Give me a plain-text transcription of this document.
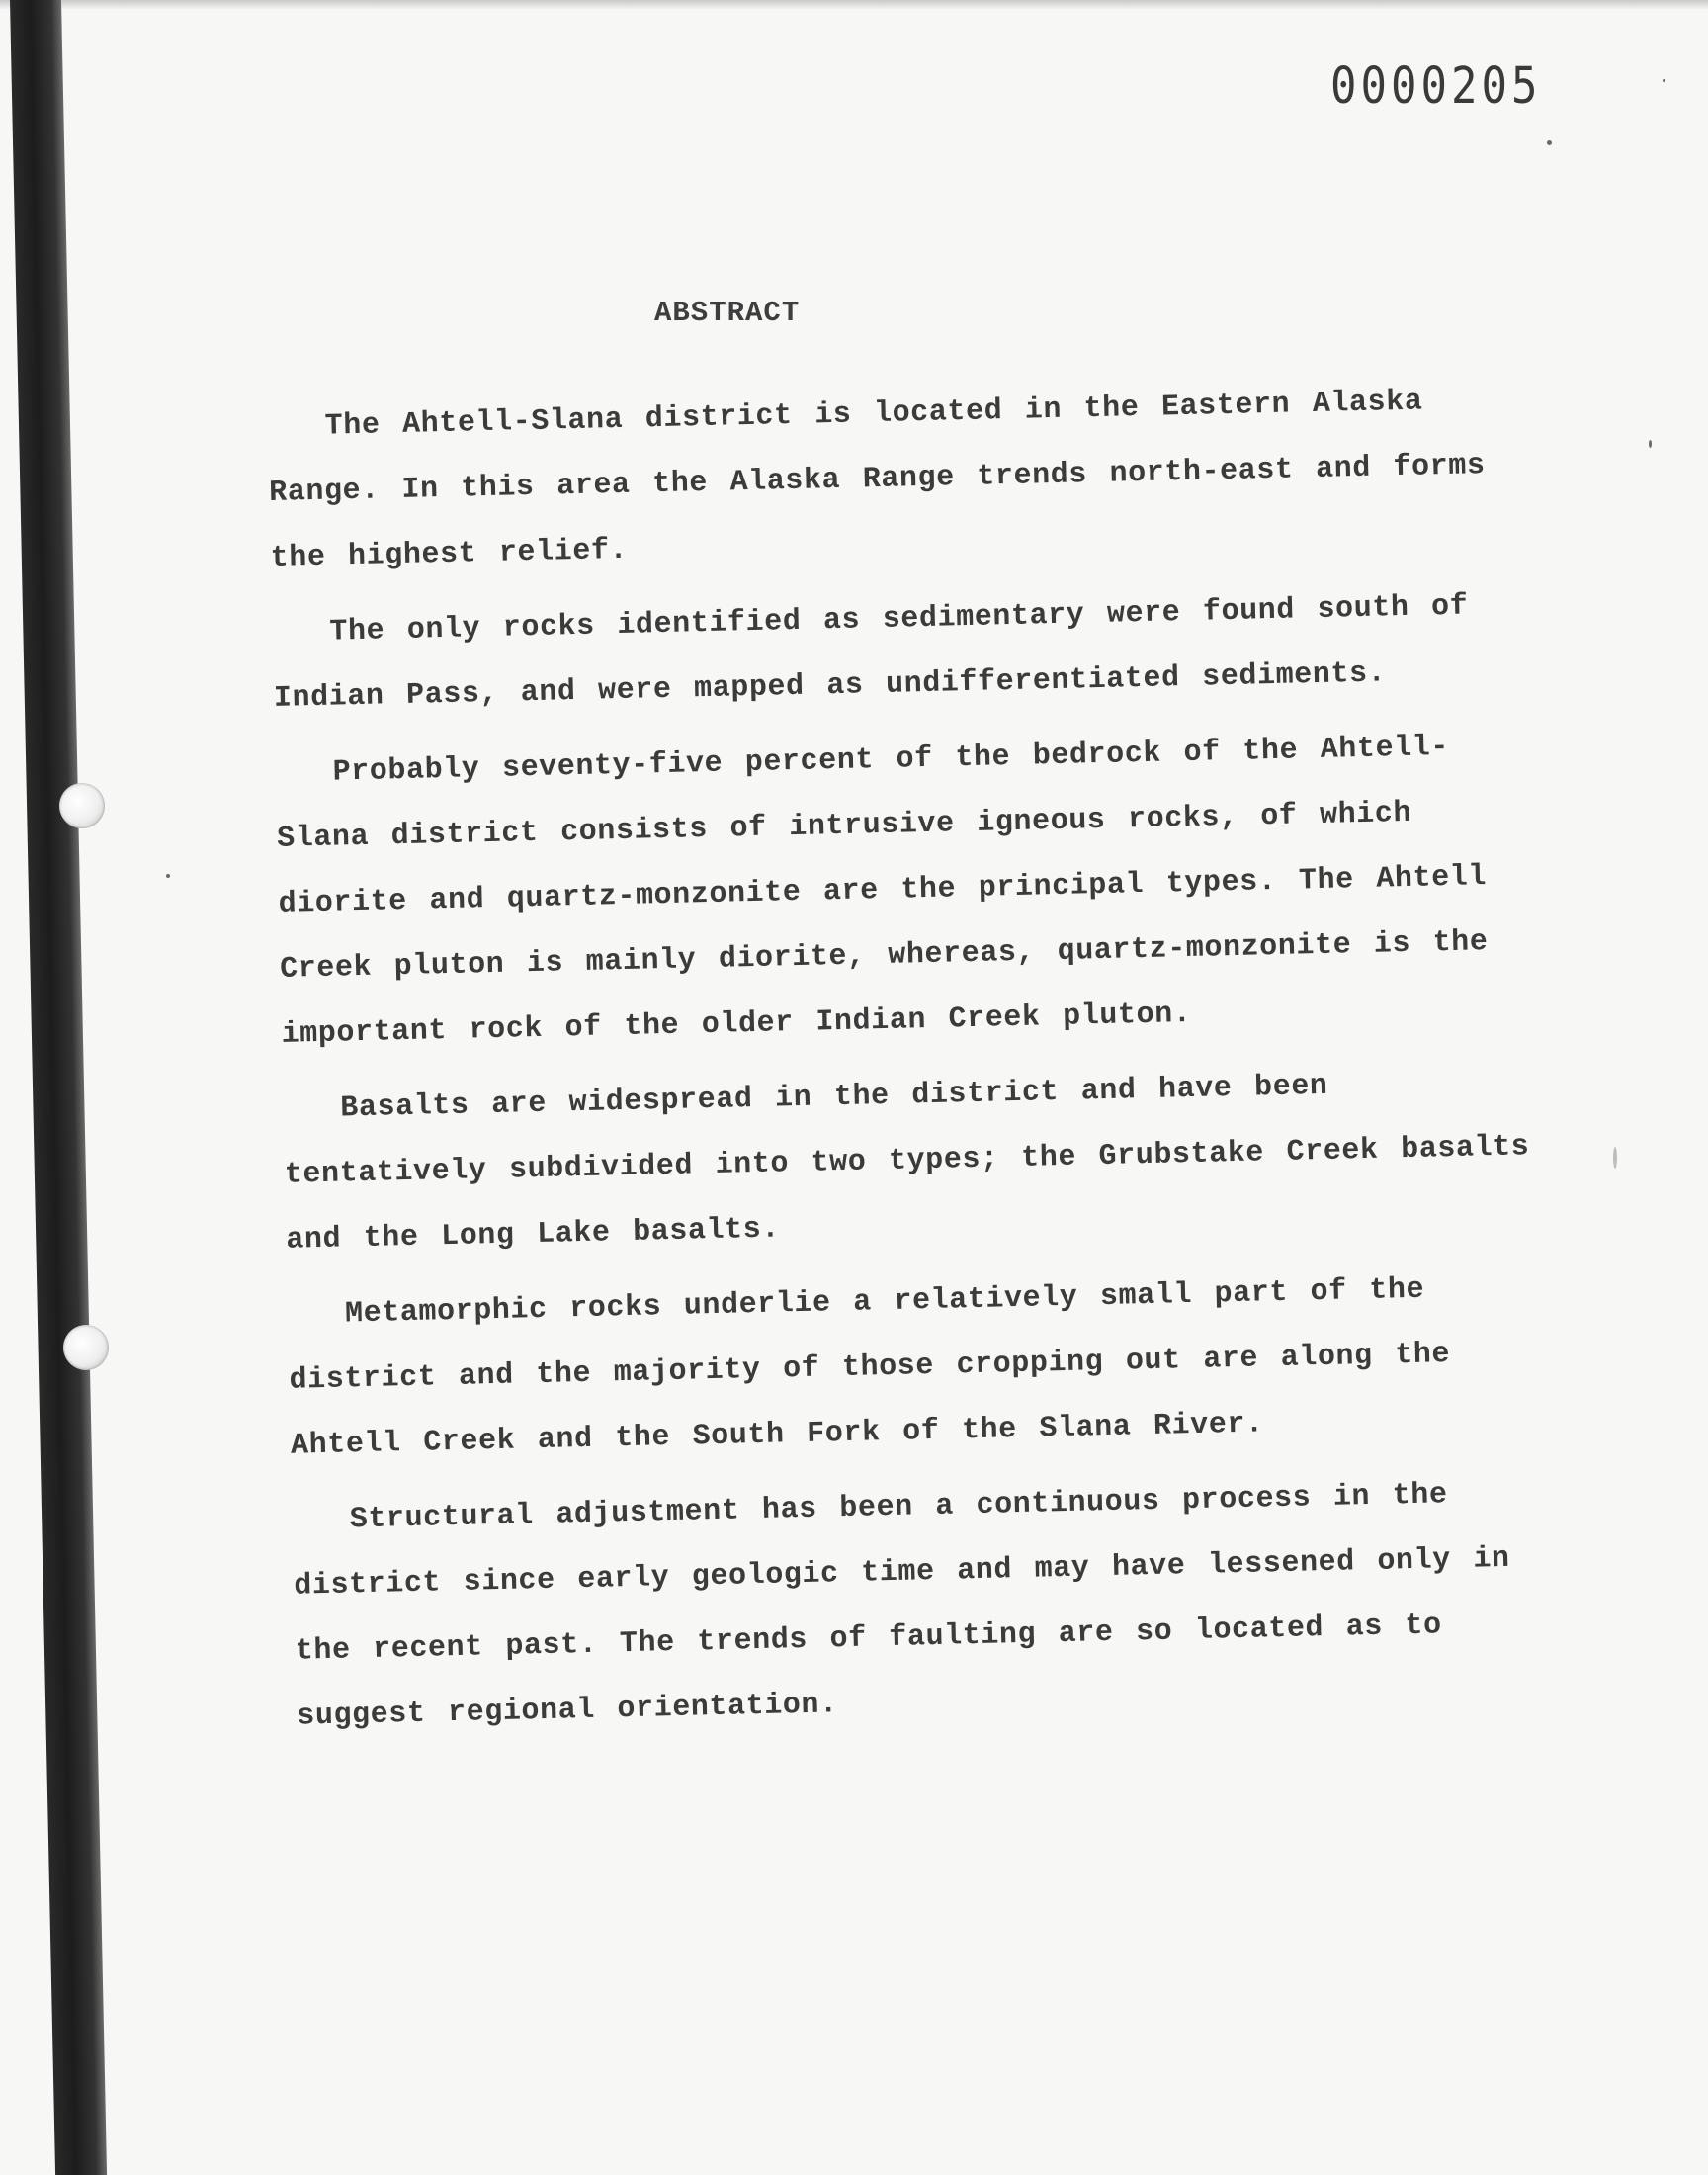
0000205
ABSTRACT

The Ahtell-Slana district is located in the Eastern Alaska Range. In this area the Alaska Range trends north-east and forms the highest relief.

The only rocks identified as sedimentary were found south of Indian Pass, and were mapped as undifferentiated sediments.

Probably seventy-five percent of the bedrock of the Ahtell-Slana district consists of intrusive igneous rocks, of which diorite and quartz-monzonite are the principal types. The Ahtell Creek pluton is mainly diorite, whereas, quartz-monzonite is the important rock of the older Indian Creek pluton.

Basalts are widespread in the district and have been tentatively subdivided into two types; the Grubstake Creek basalts and the Long Lake basalts.

Metamorphic rocks underlie a relatively small part of the district and the majority of those cropping out are along the Ahtell Creek and the South Fork of the Slana River.

Structural adjustment has been a continuous process in the district since early geologic time and may have lessened only in the recent past. The trends of faulting are so located as to suggest regional orientation.
